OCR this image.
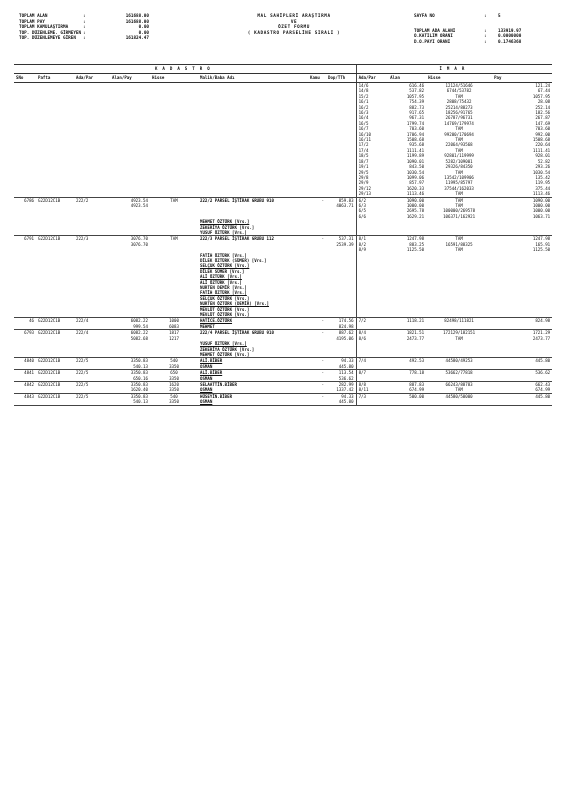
TOPLAM ALAN	:	161688.00
TOPLAM PAY	:	161688.00
TOPLAM KAMULAŞTIRMA	:	0.00
TOP. DÜZENLEME. GİRMEYEN :	0.00
TOP. DÜZENLEMEYE GİREN	:	161824.47
MAL SAHİPLERİ ARAŞTIRMA
VE
ÖZET FORMU
( KADASTRO PARSELİNE SIRALI )
SAYFA NO	:	5
TOPLAM ADA ALANI	:	133919.97
O.KATILIM ORANI	:	0.0000000
D.O.PAYI ORANI	:	0.1746368
KADASTRO								İMAR			
SNo	Pafta	Ada/Par	Alan/Pay	Hisse	Malik/Baba Adı	Kamu	Dop/TTh	Ada/Par	Alan	Hisse	Pay
								14/6	616.46	12124/51646	121.24
								14/8	537.82	6744/53782	67.44
								15/2	1057.95	TAM	1057.95
								16/1	754.39	2808/75432	28.08
								16/2	882.73	25214/88273	252.14
								16/3	917.65	18256/91765	182.56
								16/4	967.31	26787/96731	267.87
								16/5	1799.74	14769/179974	147.69
								16/7	703.60	TAM	703.60
								16/10	1706.94	99200/170694	992.00
								16/11	1508.68	TAM	1508.68
								17/2	935.68	22064/93568	220.64
								17/4	1111.41	TAM	1111.41
								18/5	1199.89	92801/119999	928.01
								18/7	1090.01	5282/109001	52.82
								19/1	843.50	29326/84350	293.26
								29/5	1030.54	TAM	1030.54
								29/8	1099.06	13542/109906	135.42
								29/9	857.97	11995/85797	119.95
								29/12	1620.33	37544/162033	375.44
								29/13	1113.46	TAM	1113.46
6786	G22D12C1B	222/2	4923.54	TAM	222/2 PARSEL İŞTİRAK GRUBU 910	-	859.83	6/2	1090.00	TAM	1090.00
			4923.54				4063.71	6/3	1000.00	TAM	1000.00
								6/5	2695.78	100000/269578	1000.00
								6/6	1629.21	106371/162921	1063.71

					MEHMET ÖZTÜRK [Vrs.]						
					ZEKERİYA ÖZTÜRK [Vrs.]						
					YUSUF ÖZTÜRK [Vrs.]						
6791	G22D12C1B	222/3	3076.70	TAM	222/3 PARSEL İŞTİRAK GRUBU 112	-	537.31	8/1	1247.98	TAM	1247.98
			3076.70				2539.39	8/2	883.25	16591/88325	165.91
								8/9	1125.50	TAM	1125.50

					FATİH ÖZTÜRK [Vrs.]						
					DİLEK ÖZTÜRK (SÜMER) [Vrs.]						
					SELÇUK ÖZTÜRK [Vrs.]						
					DİLEK SÜMER [Vrs.]						
					ALİ ÖZTÜRK [Vrs.]						
					ALİ ÖZTÜRK [Vrs.]						
					NURTEN DEMİR [Vrs.]						
					FATİH ÖZTÜRK [Vrs.]						
					SELÇUK ÖZTÜRK [Vrs.]						
					NURTEN ÖZTÜRK (DEMİR) [Vrs.]						
					MEVLÜT ÖZTÜRK [Vrs.]						
					MEVLÜT ÖZTÜRK [Vrs.]						
46	G22D12C1B	222/4	6082.22	1000	HATİCE.ÖZTÜRK	-	174.56	7/2	1118.21	82498/111821	824.98
			999.54	6083	MEHMET		824.98				
6793	G22D12C1B	222/4	6082.22	1817	222/4 PARSEL İŞTİRAK GRUBU 910	-	887.62	8/4	1821.51	172129/182151	1721.29
			5082.68	1217			4195.06	8/6	2473.77	TAM	2473.77
					YUSUF ÖZTÜRK [Vrs.]						
					ZEKERİYA ÖZTÜRK [Vrs.]						
					MEHMET ÖZTÜRK [Vrs.]						
4840	G22D12C1B	222/5	3350.83	540	ALİ.BİBER	-	94.33	7/4	492.53	44580/49253	445.80
			540.13	3350	OSMAN		445.80				
4841	G22D12C1B	222/5	3350.83	650	ALİ.BİBER	-	113.54	8/7	778.18	53662/77818	536.62
			650.16	3350	OSMAN		536.62				
4842	G22D12C1B	222/5	3350.83	1620	SELAATTİN.BİBER	-	282.99	8/8	887.83	66243/88783	662.43
			1620.40	3350	OSMAN		1337.42	8/11	674.99	TAM	674.99
4843	G22D12C1B	222/5	3350.83	540	HÜSEYİN.BİBER	-	94.33	7/3	500.00	44580/50000	445.80
			540.13	3350	OSMAN		445.80				
